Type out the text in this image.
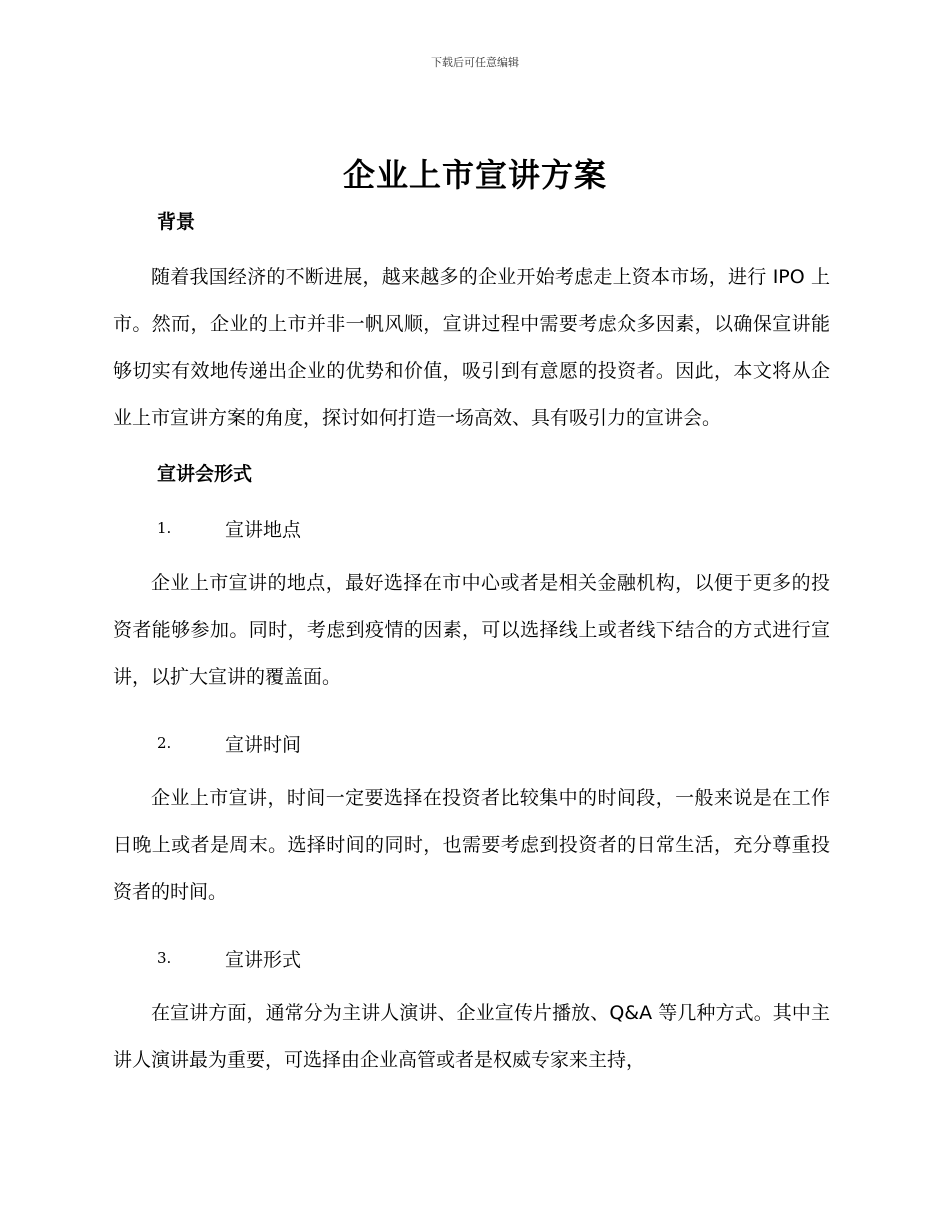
下载后可任意编辑
企业上市宣讲方案
背景

随着我国经济的不断进展，越来越多的企业开始考虑走上资本市场，进行 IPO 上市。然而，企业的上市并非一帆风顺，宣讲过程中需要考虑众多因素，以确保宣讲能够切实有效地传递出企业的优势和价值，吸引到有意愿的投资者。因此，本文将从企业上市宣讲方案的角度，探讨如何打造一场高效、具有吸引力的宣讲会。

宣讲会形式
1.	宣讲地点

企业上市宣讲的地点，最好选择在市中心或者是相关金融机构，以便于更多的投资者能够参加。同时，考虑到疫情的因素，可以选择线上或者线下结合的方式进行宣讲，以扩大宣讲的覆盖面。

2.	宣讲时间

企业上市宣讲，时间一定要选择在投资者比较集中的时间段，一般来说是在工作日晚上或者是周末。选择时间的同时，也需要考虑到投资者的日常生活，充分尊重投资者的时间。

3.	宣讲形式

在宣讲方面，通常分为主讲人演讲、企业宣传片播放、Q&A 等几种方式。其中主讲人演讲最为重要，可选择由企业高管或者是权威专家来主持，
